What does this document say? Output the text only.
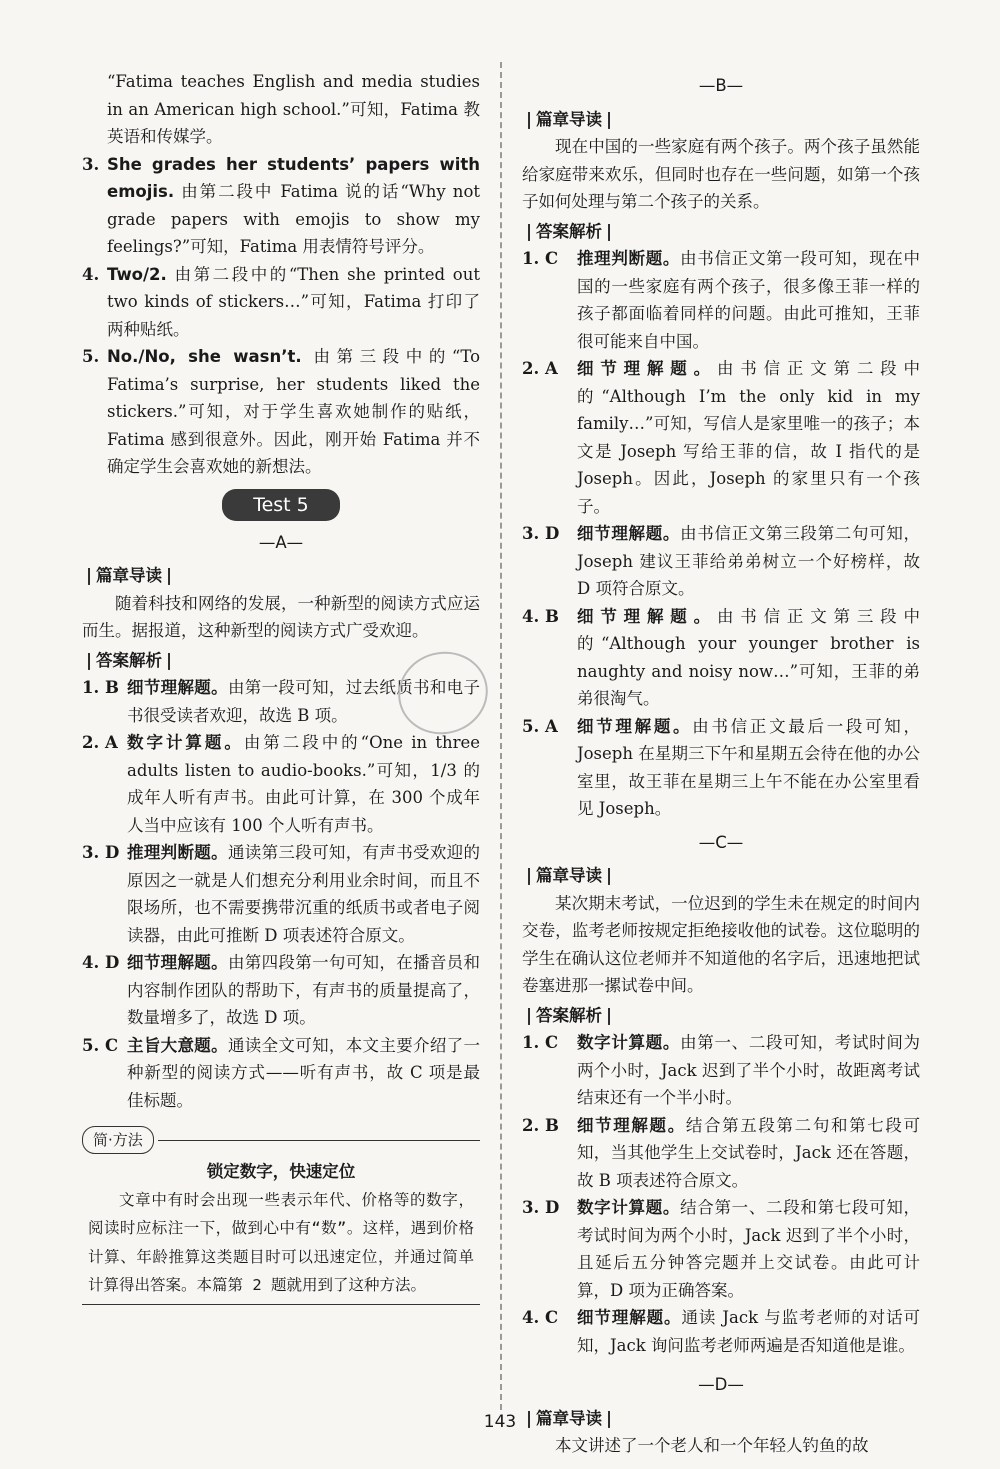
“Fatima teaches English and media studies in an American high school.”可知，Fatima 教英语和传媒学。

3. She grades her students’ papers with emojis. 由第二段中 Fatima 说的话“Why not grade papers with emojis to show my feelings?”可知，Fatima 用表情符号评分。
4. Two/2. 由第二段中的“Then she printed out two kinds of stickers…”可知，Fatima 打印了两种贴纸。
5. No./No, she wasn’t. 由第三段中的“To Fatima’s surprise, her students liked the stickers.”可知，对于学生喜欢她制作的贴纸，Fatima 感到很意外。因此，刚开始 Fatima 并不确定学生会喜欢她的新想法。
Test 5
—A—
| 篇章导读 |

随着科技和网络的发展，一种新型的阅读方式应运而生。据报道，这种新型的阅读方式广受欢迎。

| 答案解析 |
1. B 细节理解题。由第一段可知，过去纸质书和电子书很受读者欢迎，故选 B 项。
2. A 数字计算题。由第二段中的“One in three adults listen to audio-books.”可知，1/3 的成年人听有声书。由此可计算，在 300 个成年人当中应该有 100 个人听有声书。
3. D 推理判断题。通读第三段可知，有声书受欢迎的原因之一就是人们想充分利用业余时间，而且不限场所，也不需要携带沉重的纸质书或者电子阅读器，由此可推断 D 项表述符合原文。
4. D 细节理解题。由第四段第一句可知，在播音员和内容制作团队的帮助下，有声书的质量提高了，数量增多了，故选 D 项。
5. C 主旨大意题。通读全文可知，本文主要介绍了一种新型的阅读方式——听有声书，故 C 项是最佳标题。
简·方法
锁定数字，快速定位

文章中有时会出现一些表示年代、价格等的数字，阅读时应标注一下，做到心中有“数”。这样，遇到价格计算、年龄推算这类题目时可以迅速定位，并通过简单计算得出答案。本篇第 2 题就用到了这种方法。

—B—
| 篇章导读 |

现在中国的一些家庭有两个孩子。两个孩子虽然能给家庭带来欢乐，但同时也存在一些问题，如第一个孩子如何处理与第二个孩子的关系。

| 答案解析 |
1. C	推理判断题。由书信正文第一段可知，现在中国的一些家庭有两个孩子，很多像王菲一样的孩子都面临着同样的问题。由此可推知，王菲很可能来自中国。
2. A	细节理解题。由书信正文第二段中的“Although I’m the only kid in my family…”可知，写信人是家里唯一的孩子；本文是 Joseph 写给王菲的信，故 I 指代的是 Joseph。因此，Joseph 的家里只有一个孩子。
3. D	细节理解题。由书信正文第三段第二句可知，Joseph 建议王菲给弟弟树立一个好榜样，故 D 项符合原文。
4. B	细节理解题。由书信正文第三段中的“Although your younger brother is naughty and noisy now…”可知，王菲的弟弟很淘气。
5. A	细节理解题。由书信正文最后一段可知，Joseph 在星期三下午和星期五会待在他的办公室里，故王菲在星期三上午不能在办公室里看见 Joseph。
—C—
| 篇章导读 |

某次期末考试，一位迟到的学生未在规定的时间内交卷，监考老师按规定拒绝接收他的试卷。这位聪明的学生在确认这位老师并不知道他的名字后，迅速地把试卷塞进那一摞试卷中间。

| 答案解析 |
1. C	数字计算题。由第一、二段可知，考试时间为两个小时，Jack 迟到了半个小时，故距离考试结束还有一个半小时。
2. B	细节理解题。结合第五段第二句和第七段可知，当其他学生上交试卷时，Jack 还在答题，故 B 项表述符合原文。
3. D	数字计算题。结合第一、二段和第七段可知，考试时间为两个小时，Jack 迟到了半个小时，且延后五分钟答完题并上交试卷。由此可计算，D 项为正确答案。
4. C	细节理解题。通读 Jack 与监考老师的对话可知，Jack 询问监考老师两遍是否知道他是谁。
—D—
| 篇章导读 |

本文讲述了一个老人和一个年轻人钓鱼的故

143
